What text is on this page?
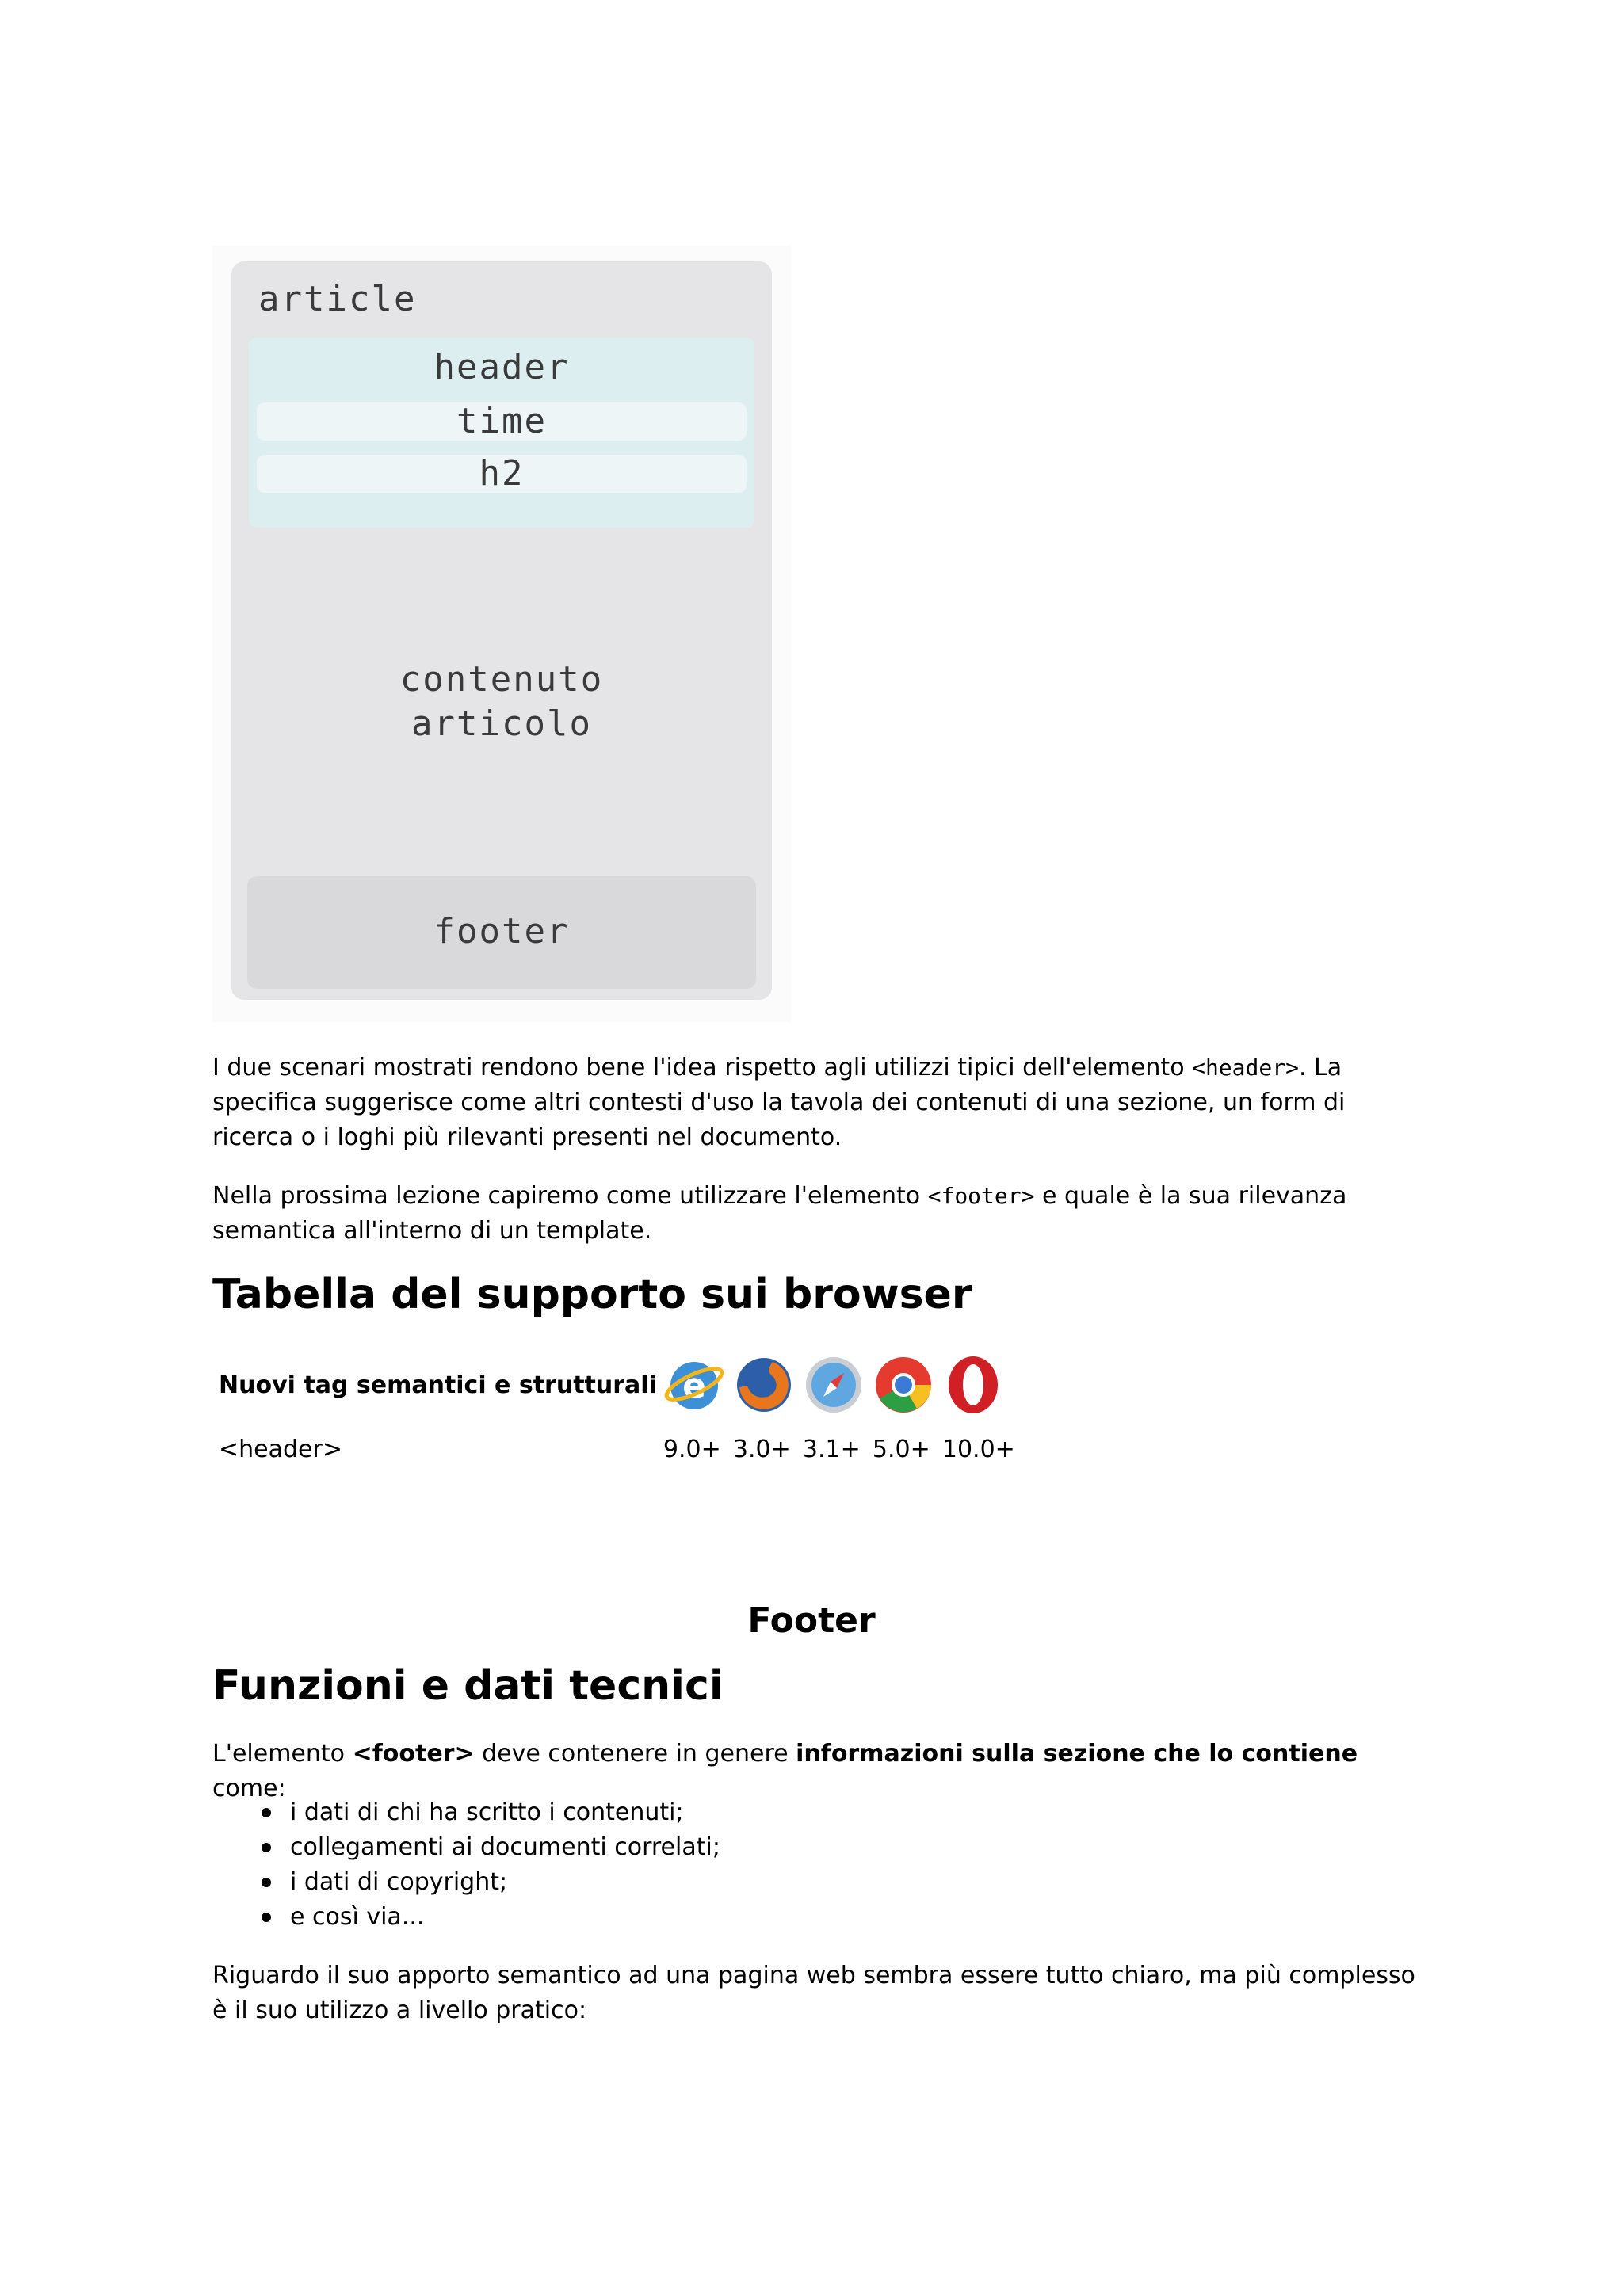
article
header
time
h2
contenuto
articolo
footer

I due scenari mostrati rendono bene l'idea rispetto agli utilizzi tipici dell'elemento <header>. La specifica suggerisce come altri contesti d'uso la tavola dei contenuti di una sezione, un form di ricerca o i loghi più rilevanti presenti nel documento.

Nella prossima lezione capiremo come utilizzare l'elemento <footer> e quale è la sua rilevanza semantica all'interno di un template.

Tabella del supporto sui browser
Nuovi tag semantici e strutturali	e

<header>	9.0+ 3.0+ 3.1+ 5.0+ 10.0+
Footer
Funzioni e dati tecnici

L'elemento <footer> deve contenere in genere informazioni sulla sezione che lo contiene come:

i dati di chi ha scritto i contenuti;
collegamenti ai documenti correlati;
i dati di copyright;
e così via...

Riguardo il suo apporto semantico ad una pagina web sembra essere tutto chiaro, ma più complesso è il suo utilizzo a livello pratico:
